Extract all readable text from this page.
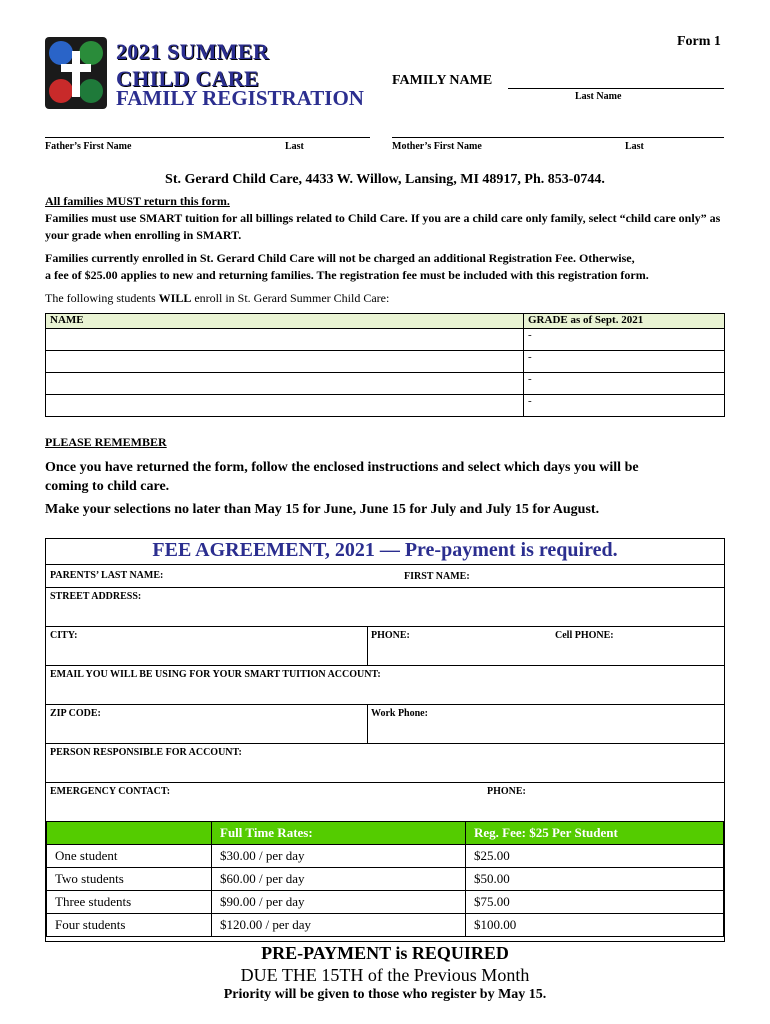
2021 SUMMER
CHILD CARE
FAMILY REGISTRATION
Form 1
FAMILY NAME
Last Name
Father’s First Name	Last	Mother’s First Name	Last
St. Gerard Child Care, 4433 W. Willow, Lansing, MI 48917, Ph. 853-0744.
All families MUST return this form.
Families must use SMART tuition for all billings related to Child Care. If you are a child care only family, select “child care only” as your grade when enrolling in SMART.
Families currently enrolled in St. Gerard Child Care will not be charged an additional Registration Fee. Otherwise,
a fee of $25.00 applies to new and returning families. The registration fee must be included with this registration form.
The following students WILL enroll in St. Gerard Summer Child Care:
NAME	GRADE as of Sept. 2021
	-
	-
	-
	-
PLEASE REMEMBER
Once you have returned the form, follow the enclosed instructions and select which days you will be
coming to child care.
Make your selections no later than May 15 for June, June 15 for July and July 15 for August.
FEE AGREEMENT, 2021 — Pre-payment is required.
PARENTS’ LAST NAME:	FIRST NAME:
STREET ADDRESS:
CITY:	PHONE:	Cell PHONE:
EMAIL YOU WILL BE USING FOR YOUR SMART TUITION ACCOUNT:
ZIP CODE:	Work Phone:
PERSON RESPONSIBLE FOR ACCOUNT:
EMERGENCY CONTACT:	PHONE:
	Full Time Rates:	Reg. Fee: $25 Per Student
One student	$30.00 / per day	$25.00
Two students	$60.00 / per day	$50.00
Three students	$90.00 / per day	$75.00
Four students	$120.00 / per day	$100.00
PRE-PAYMENT is REQUIRED
DUE THE 15TH of the Previous Month
Priority will be given to those who register by May 15.
